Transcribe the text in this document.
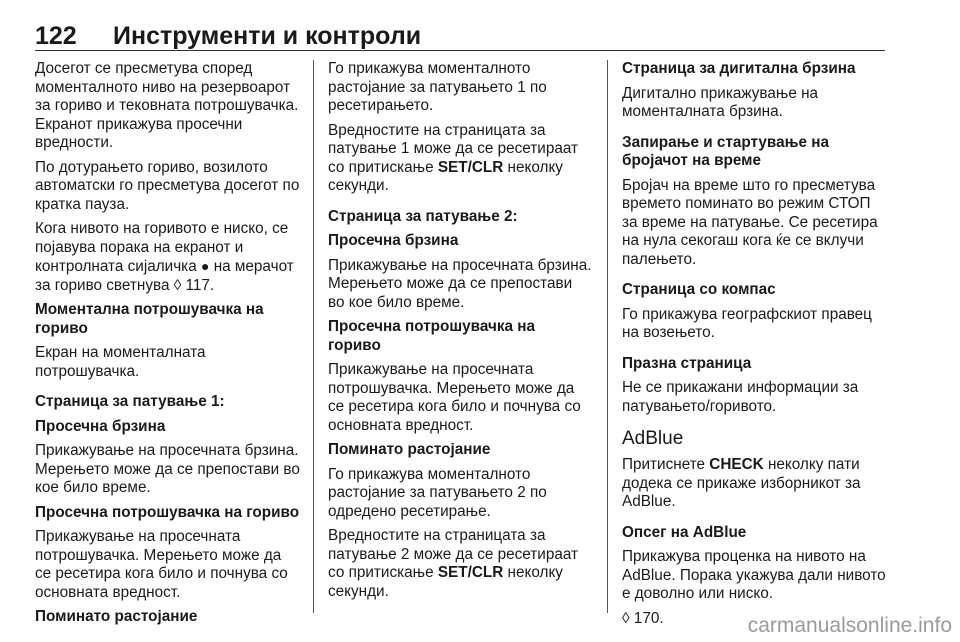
122 Инструменти и контроли

Досегот се пресметува според моменталното ниво на резервоарот за гориво и тековната потрошувачка. Екранот прикажува просечни вредности.

По дотурањето гориво, возилото автоматски го пресметува досегот по кратка пауза.

Кога нивото на горивото е ниско, се појавува порака на екранот и контролната сијаличка ● на мерачот за гориво светнува ◊ 117.

Моментална потрошувачка на гориво

Екран на моменталната потрошувачка.

Страница за патување 1:
Просечна брзина

Прикажување на просечната брзина. Мерењето може да се препостави во кое било време.

Просечна потрошувачка на гориво

Прикажување на просечната потрошувачка. Мерењето може да се ресетира кога било и почнува со основната вредност.

Поминато растојание

Го прикажува моменталното растојание за патувањето 1 по ресетирањето.

Вредностите на страницата за патување 1 може да се ресетираат со притискање SET/CLR неколку секунди.

Страница за патување 2:
Просечна брзина

Прикажување на просечната брзина. Мерењето може да се препостави во кое било време.

Просечна потрошувачка на гориво

Прикажување на просечната потрошувачка. Мерењето може да се ресетира кога било и почнува со основната вредност.

Поминато растојание

Го прикажува моменталното растојание за патувањето 2 по одредено ресетирање.

Вредностите на страницата за патување 2 може да се ресетираат со притискање SET/CLR неколку секунди.

Страница за дигитална брзина

Дигитално прикажување на моменталната брзина.

Запирање и стартување на бројачот на време

Бројач на време што го пресметува времето поминато во режим СТОП за време на патување. Се ресетира на нула секогаш кога ќе се вклучи палењето.

Страница со компас

Го прикажува географскиот правец на возењето.

Празна страница

Не се прикажани информации за патувањето/горивото.

AdBlue

Притиснете CHECK неколку пати додека се прикаже изборникот за AdBlue.

Опсег на AdBlue

Прикажува проценка на нивото на AdBlue. Порака укажува дали нивото е доволно или ниско.

◊ 170.	carmanualsonline.info
